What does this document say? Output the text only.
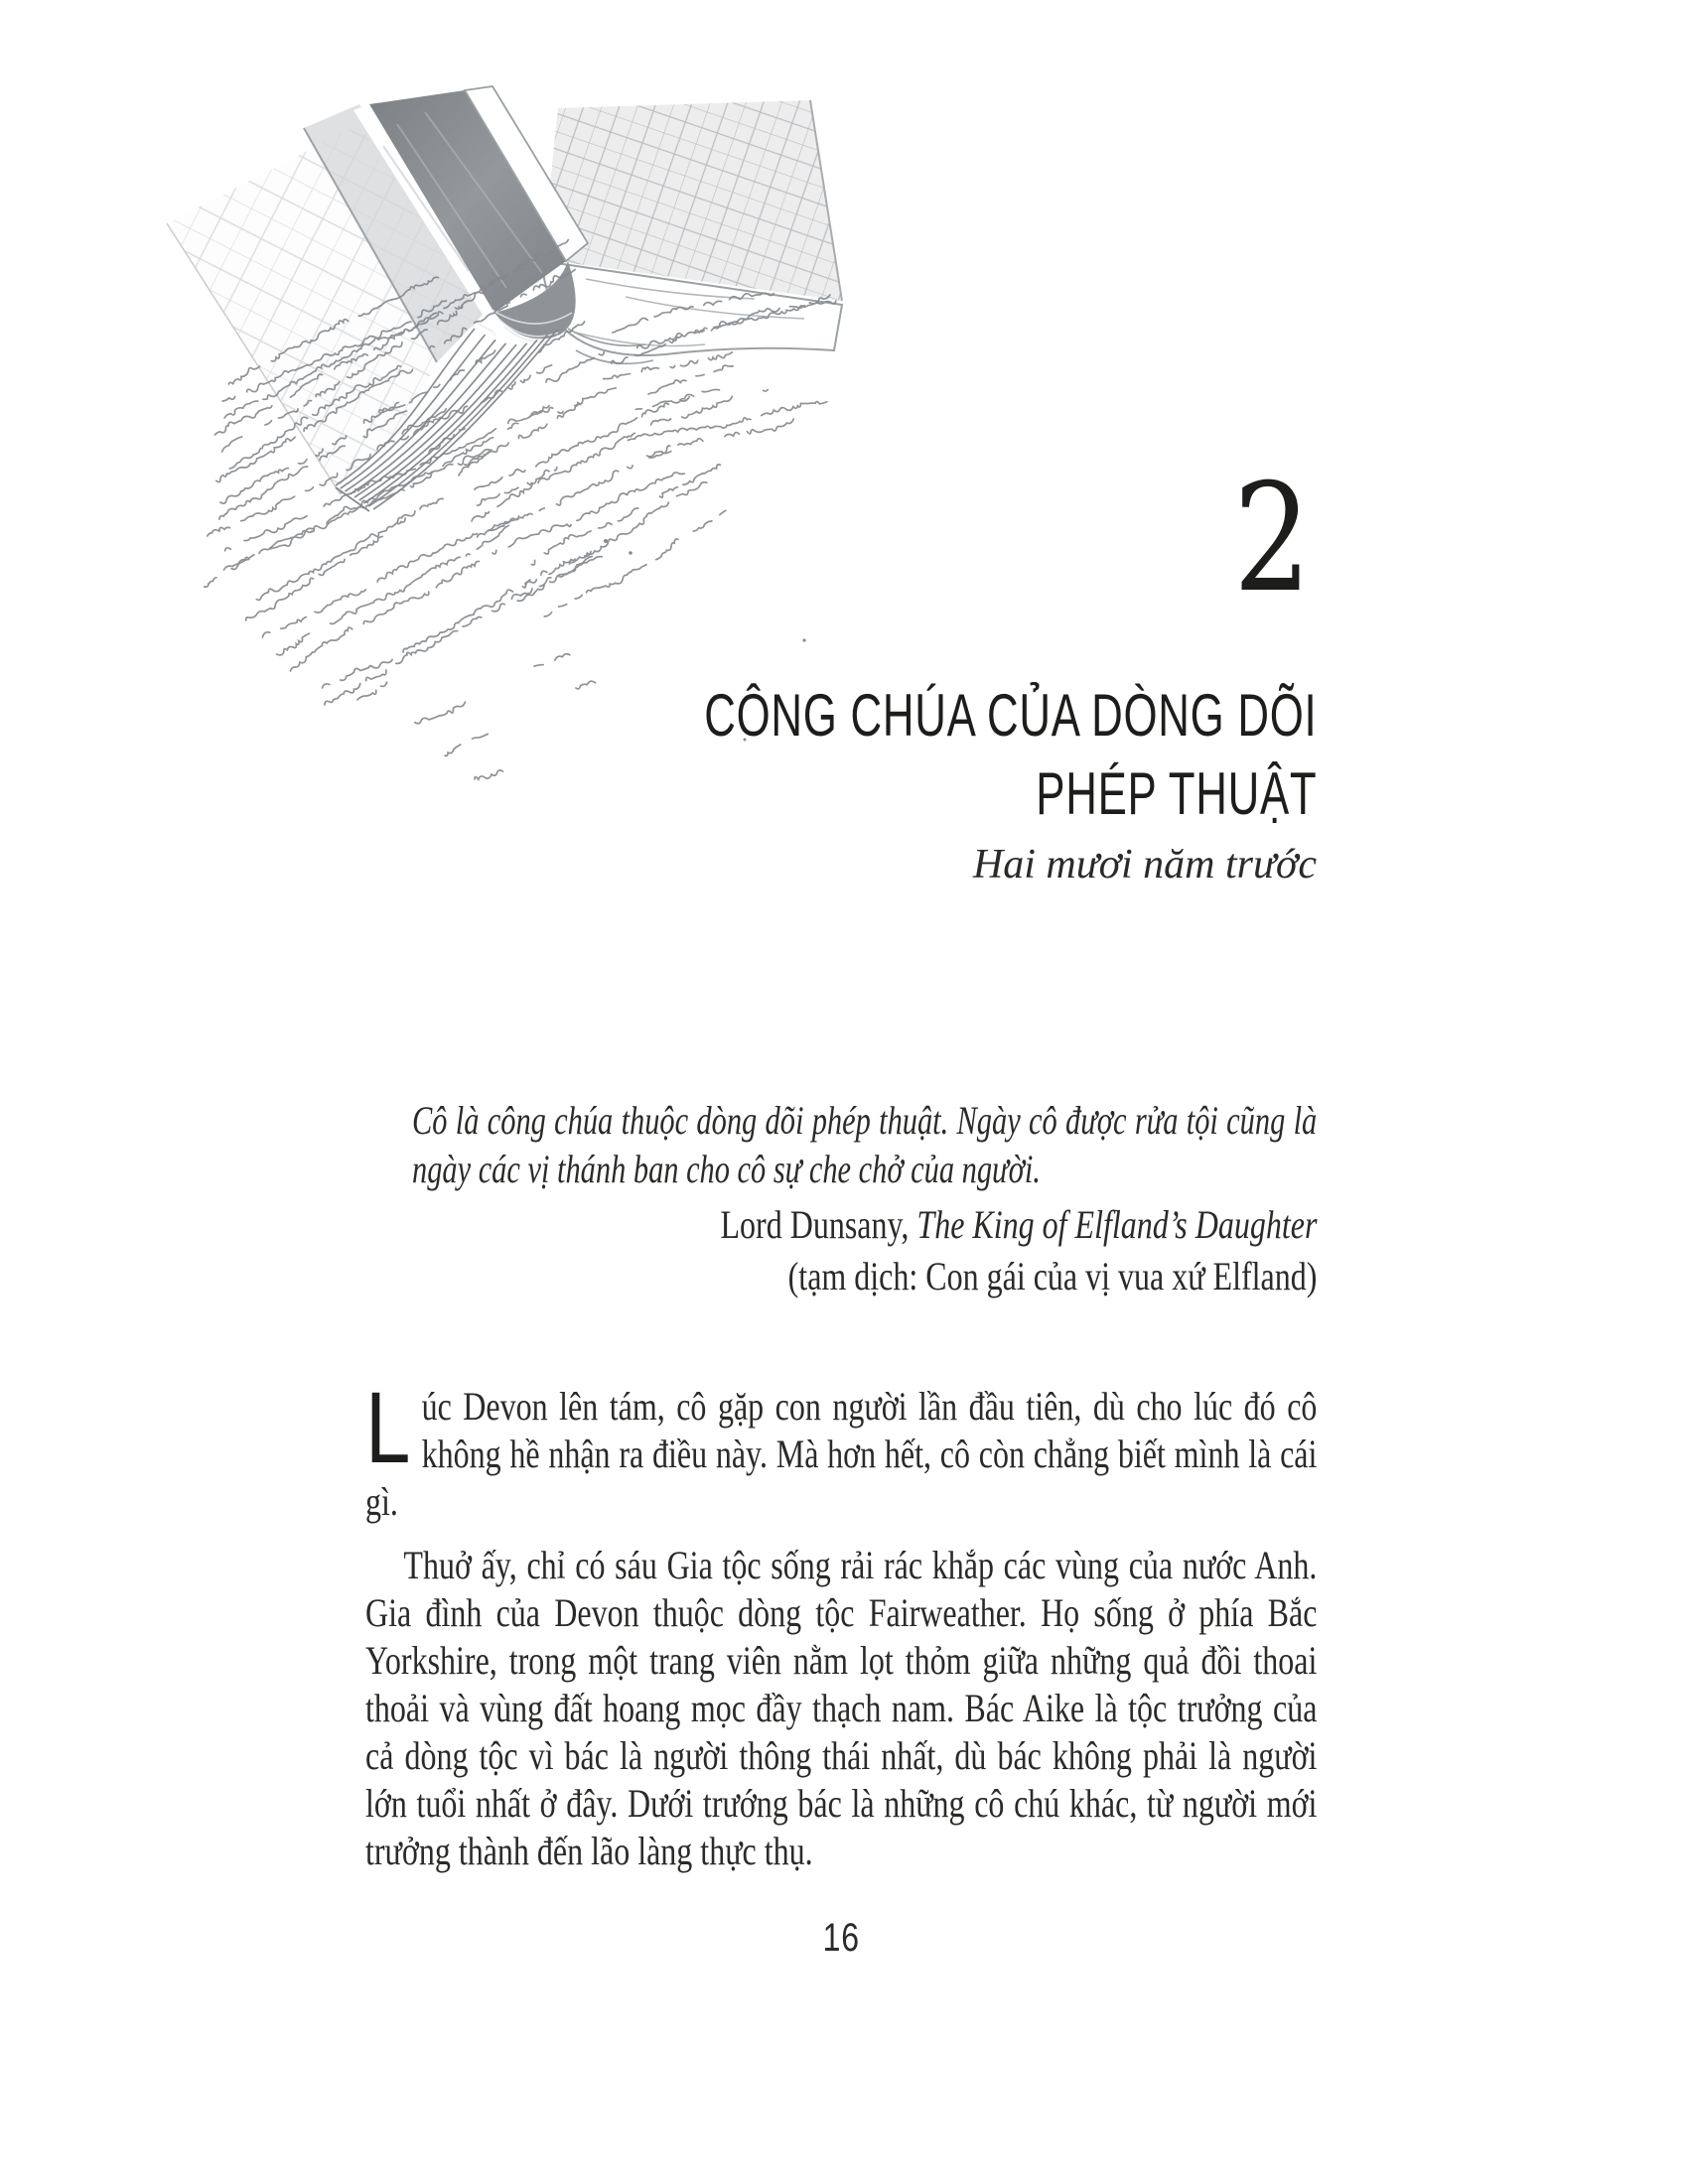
2
CÔNG CHÚA CỦA DÒNG DÕI
PHÉP THUẬT
Hai mươi năm trước
Cô là công chúa thuộc dòng dõi phép thuật. Ngày cô được rửa tội cũng là ngày các vị thánh ban cho cô sự che chở của người.
Lord Dunsany, The King of Elfland’s Daughter
(tạm dịch: Con gái của vị vua xứ Elfland)

Lúc Devon lên tám, cô gặp con người lần đầu tiên, dù cho lúc đó cô không hề nhận ra điều này. Mà hơn hết, cô còn chẳng biết mình là cái gì.

Thuở ấy, chỉ có sáu Gia tộc sống rải rác khắp các vùng của nước Anh. Gia đình của Devon thuộc dòng tộc Fairweather. Họ sống ở phía Bắc Yorkshire, trong một trang viên nằm lọt thỏm giữa những quả đồi thoai thoải và vùng đất hoang mọc đầy thạch nam. Bác Aike là tộc trưởng của cả dòng tộc vì bác là người thông thái nhất, dù bác không phải là người lớn tuổi nhất ở đây. Dưới trướng bác là những cô chú khác, từ người mới trưởng thành đến lão làng thực thụ.

16
